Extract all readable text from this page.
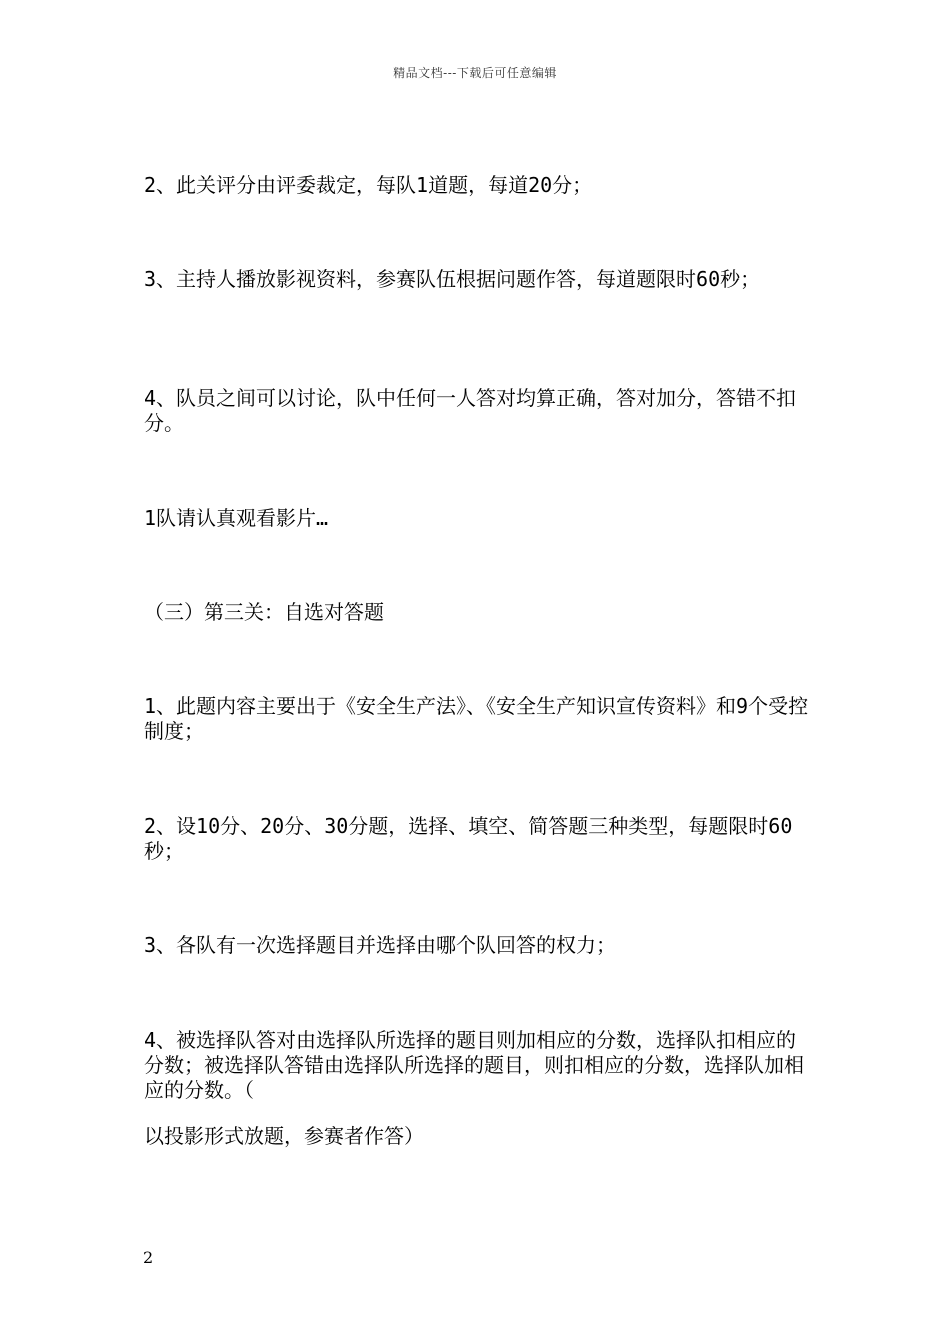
精品文档---下载后可任意编辑

2、此关评分由评委裁定，每队1道题，每道20分；

3、主持人播放影视资料，参赛队伍根据问题作答，每道题限时60秒；

4、队员之间可以讨论，队中任何一人答对均算正确，答对加分，答错不扣分。

1队请认真观看影片…

（三）第三关：自选对答题

1、此题内容主要出于《安全生产法》、《安全生产知识宣传资料》和9个受控制度；

2、设10分、20分、30分题，选择、填空、简答题三种类型，每题限时60秒；

3、各队有一次选择题目并选择由哪个队回答的权力；

4、被选择队答对由选择队所选择的题目则加相应的分数，选择队扣相应的分数；被选择队答错由选择队所选择的题目，则扣相应的分数，选择队加相应的分数。（

以投影形式放题，参赛者作答）

2
